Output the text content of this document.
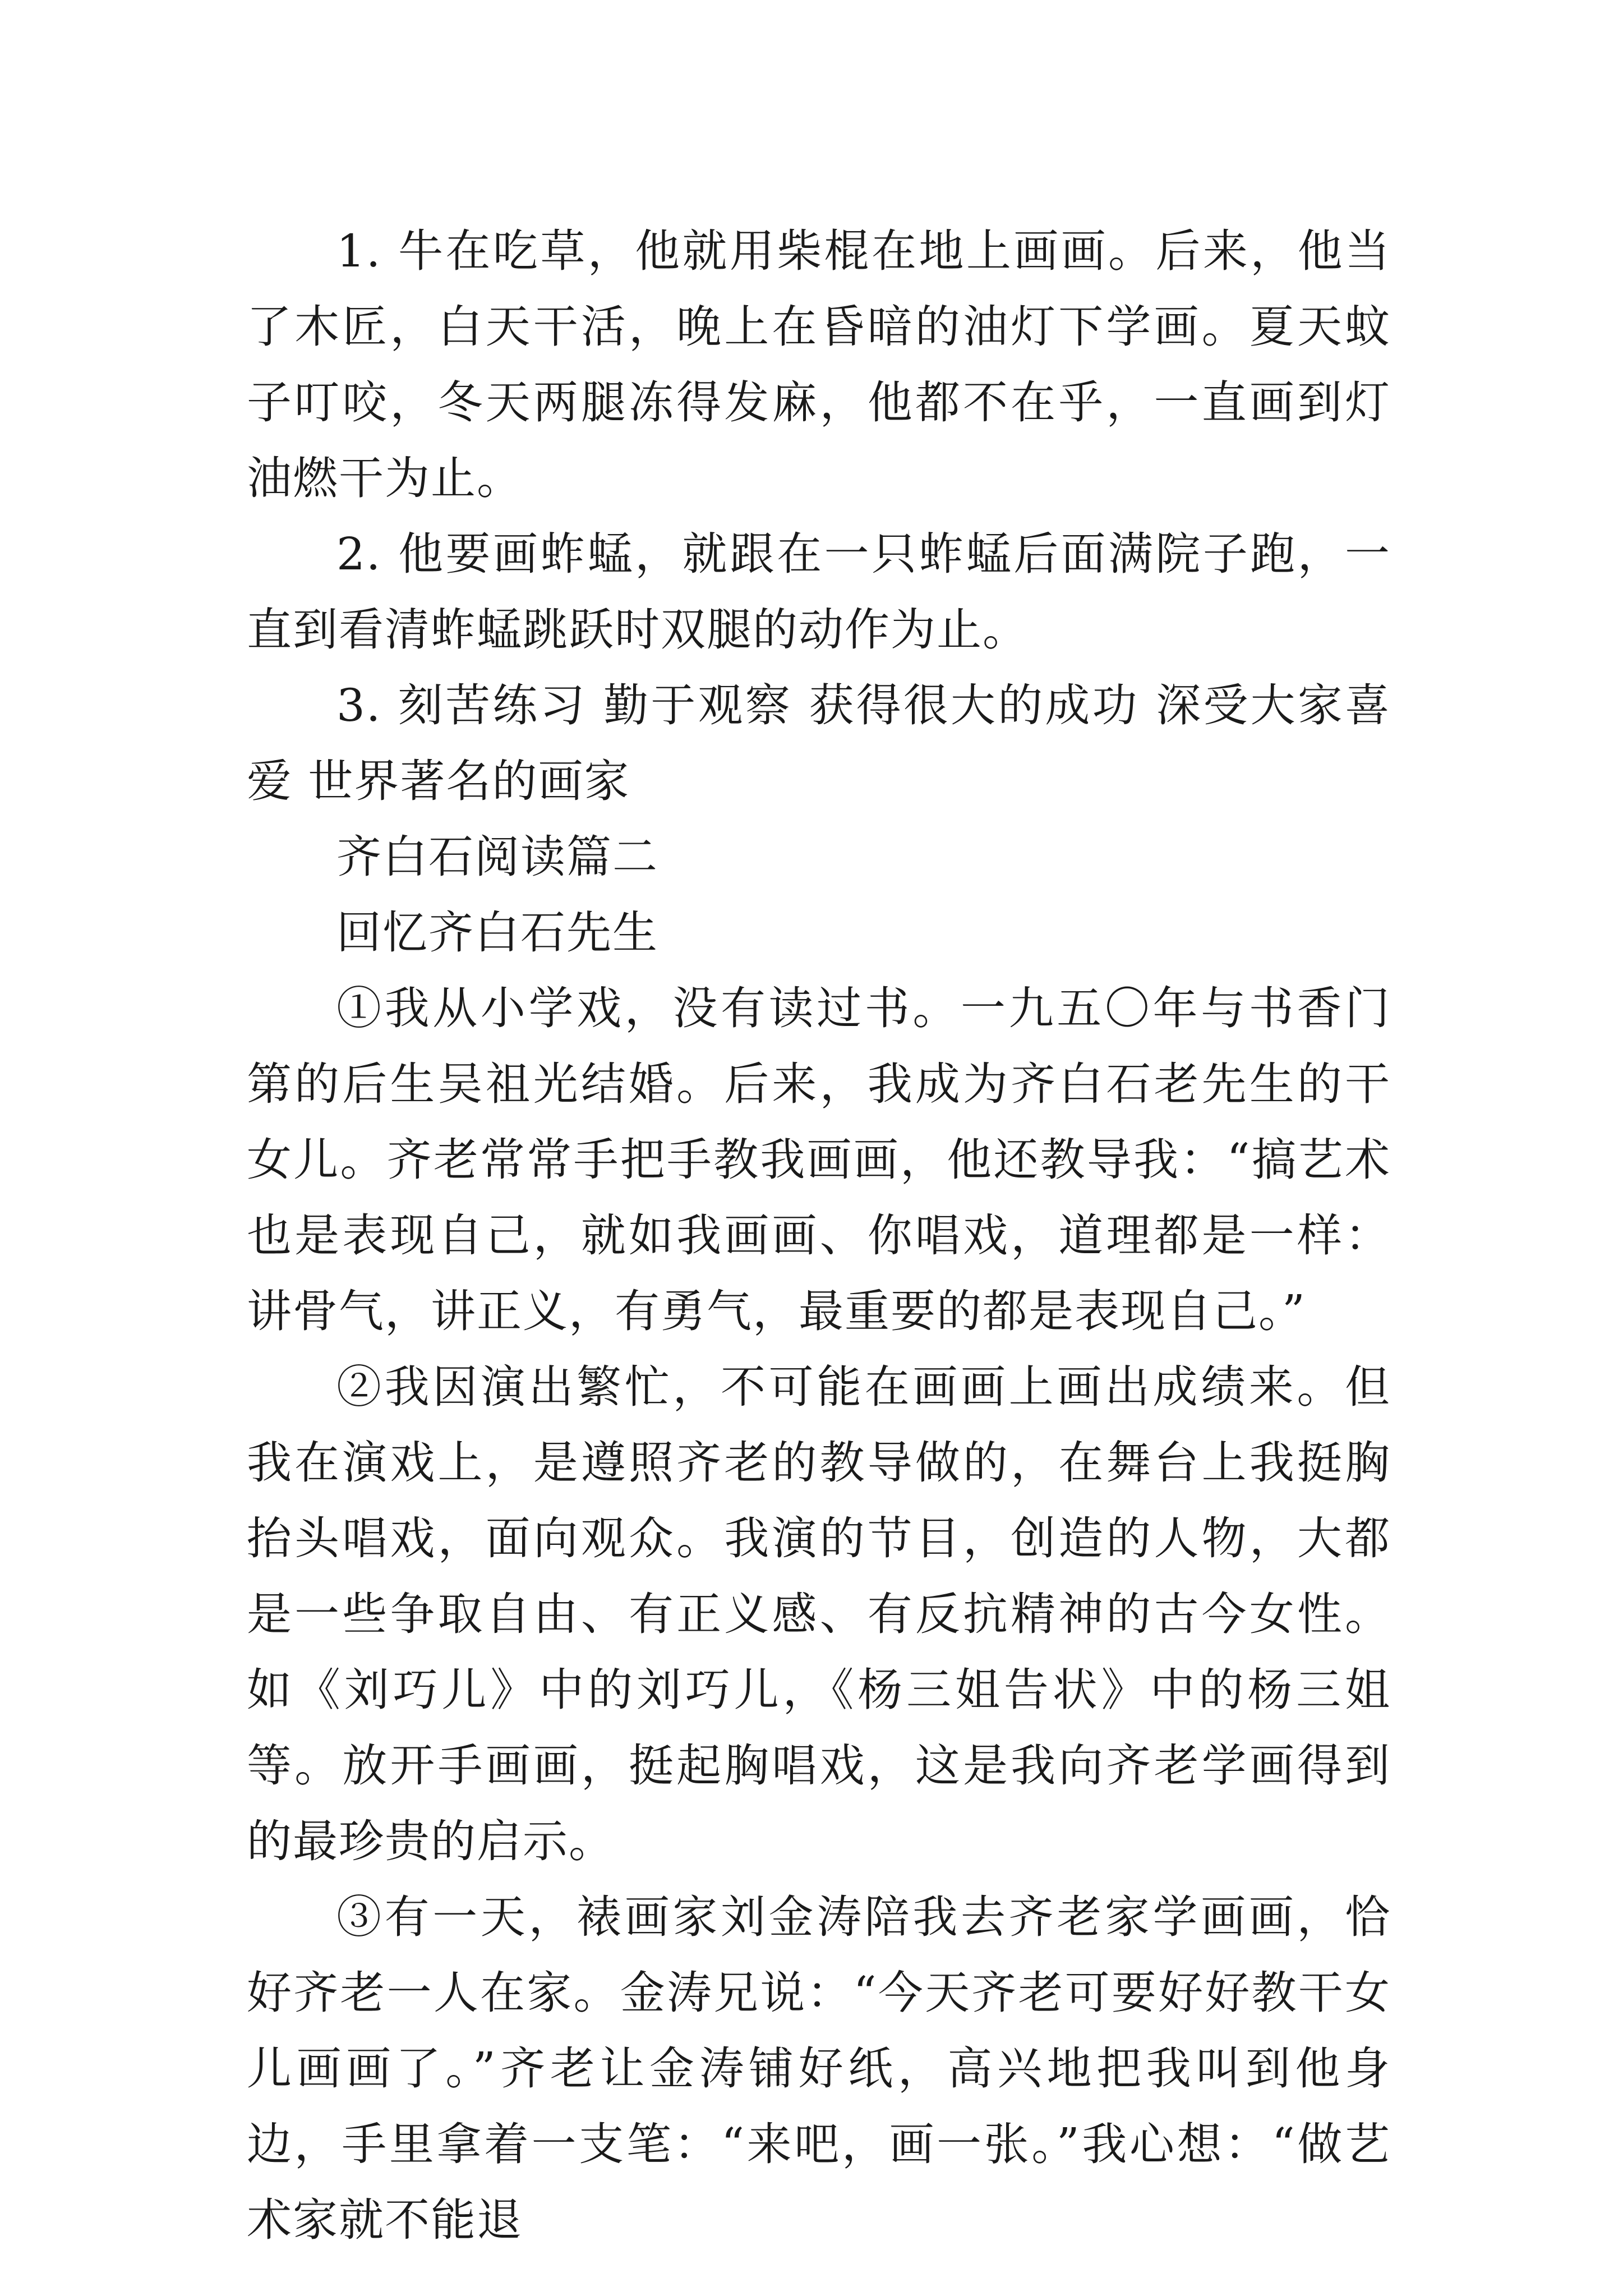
1. 牛在吃草，他就用柴棍在地上画画。后来，他当了木匠，白天干活，晚上在昏暗的油灯下学画。夏天蚊子叮咬，冬天两腿冻得发麻，他都不在乎，一直画到灯油燃干为止。

2. 他要画蚱蜢，就跟在一只蚱蜢后面满院子跑，一直到看清蚱蜢跳跃时双腿的动作为止。

3. 刻苦练习 勤于观察 获得很大的成功 深受大家喜爱 世界著名的画家

齐白石阅读篇二

回忆齐白石先生

①我从小学戏，没有读过书。一九五〇年与书香门第的后生吴祖光结婚。后来，我成为齐白石老先生的干女儿。齐老常常手把手教我画画，他还教导我：“搞艺术也是表现自己，就如我画画、你唱戏，道理都是一样：讲骨气，讲正义，有勇气，最重要的都是表现自己。”

②我因演出繁忙，不可能在画画上画出成绩来。但我在演戏上，是遵照齐老的教导做的，在舞台上我挺胸抬头唱戏，面向观众。我演的节目，创造的人物，大都是一些争取自由、有正义感、有反抗精神的古今女性。如《刘巧儿》中的刘巧儿，《杨三姐告状》中的杨三姐等。放开手画画，挺起胸唱戏，这是我向齐老学画得到的最珍贵的启示。

③有一天，裱画家刘金涛陪我去齐老家学画画，恰好齐老一人在家。金涛兄说：“今天齐老可要好好教干女儿画画了。”齐老让金涛铺好纸，高兴地把我叫到他身边，手里拿着一支笔：“来吧，画一张。”我心想：“做艺术家就不能退
